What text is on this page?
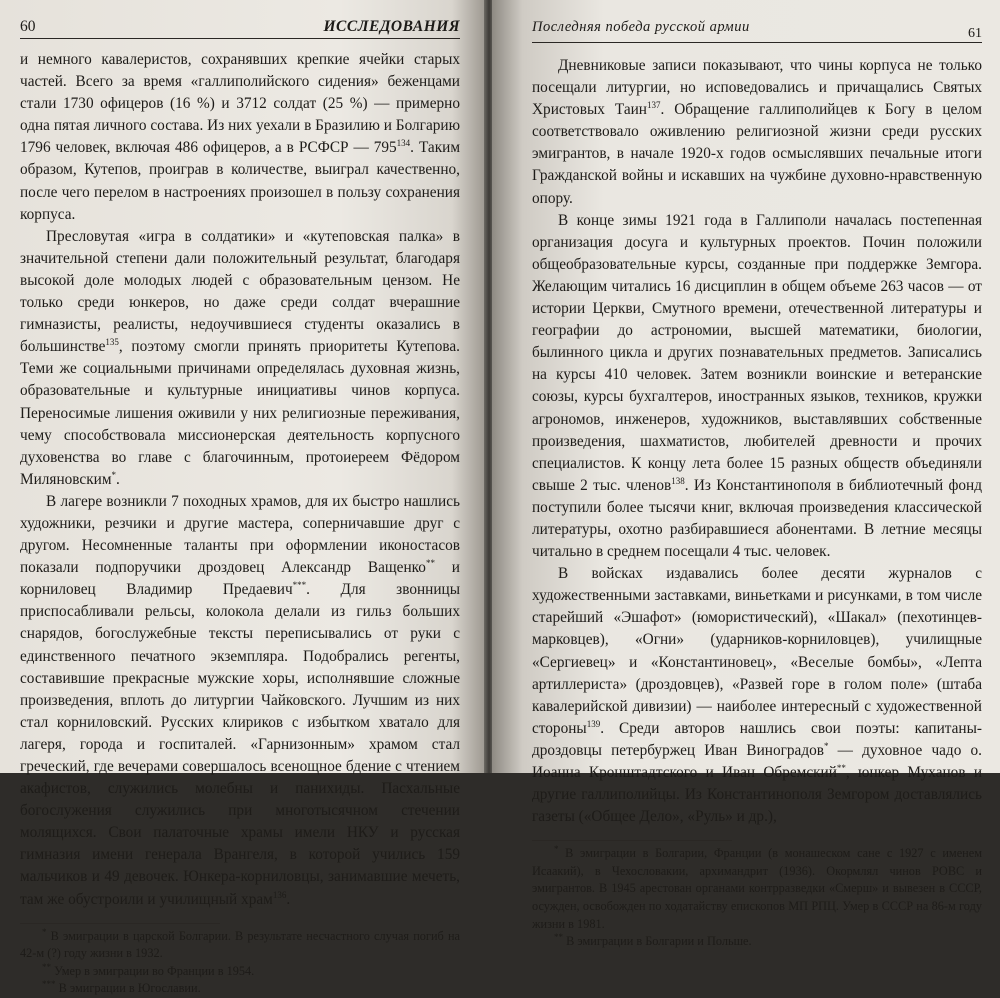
60	ИССЛЕДОВАНИЯ

и немного кавалеристов, сохранявших крепкие ячейки старых частей. Всего за время «галлиполийского сидения» беженцами стали 1730 офицеров (16 %) и 3712 солдат (25 %) — примерно одна пятая личного состава. Из них уехали в Бразилию и Болгарию 1796 человек, включая 486 офицеров, а в РСФСР — $795^{134}$. Таким образом, Кутепов, проиграв в количестве, выиграл качественно, после чего перелом в настроениях произошел в пользу сохранения корпуса.

Пресловутая «игра в солдатики» и «кутеповская палка» в значительной степени дали положительный результат, благодаря высокой доле молодых людей с образовательным цензом. Не только среди юнкеров, но даже среди солдат вчерашние гимназисты, реалисты, недоучившиеся студенты оказались в большинстве$^{135}$, поэтому смогли принять приоритеты Кутепова. Теми же социальными причинами определялась духовная жизнь, образовательные и культурные инициативы чинов корпуса. Переносимые лишения оживили у них религиозные переживания, чему способствовала миссионерская деятельность корпусного духовенства во главе с благочинным, протоиереем Фёдором Миляновским*.

В лагере возникли 7 походных храмов, для их быстро нашлись художники, резчики и другие мастера, соперничавшие друг с другом. Несомненные таланты при оформлении иконостасов показали подпоручики дроздовец Александр Ващенко** и корниловец Владимир Предаевич***. Для звонницы приспосабливали рельсы, колокола делали из гильз больших снарядов, богослужебные тексты переписывались от руки с единственного печатного экземпляра. Подобрались регенты, составившие прекрасные мужские хоры, исполнявшие сложные произведения, вплоть до литургии Чайковского. Лучшим из них стал корниловский. Русских клириков с избытком хватало для лагеря, города и госпиталей. «Гарнизонным» храмом стал греческий, где вечерами совершалось всенощное бдение с чтением акафистов, служились молебны и панихиды. Пасхальные богослужения служились при многотысячном стечении молящихся. Свои палаточные храмы имели НКУ и русская гимназия имени генерала Врангеля, в которой учились 159 мальчиков и 49 девочек. Юнкера-корниловцы, занимавшие мечеть, там же обустроили и училищный храм$^{136}$.

* В эмиграции в царской Болгарии. В результате несчастного случая погиб на 42-м (?) году жизни в 1932.

** Умер в эмиграции во Франции в 1954.

*** В эмиграции в Югославии.

Последняя победа русской армии	61

Дневниковые записи показывают, что чины корпуса не только посещали литургии, но исповедовались и причащались Святых Христовых Таин$^{137}$. Обращение галлиполийцев к Богу в целом соответствовало оживлению религиозной жизни среди русских эмигрантов, в начале 1920-х годов осмыслявших печальные итоги Гражданской войны и искавших на чужбине духовно-нравственную опору.

В конце зимы 1921 года в Галлиполи началась постепенная организация досуга и культурных проектов. Почин положили общеобразовательные курсы, созданные при поддержке Земгора. Желающим читались 16 дисциплин в общем объеме 263 часов — от истории Церкви, Смутного времени, отечественной литературы и географии до астрономии, высшей математики, биологии, былинного цикла и других познавательных предметов. Записались на курсы 410 человек. Затем возникли воинские и ветеранские союзы, курсы бухгалтеров, иностранных языков, техников, кружки агрономов, инженеров, художников, выставлявших собственные произведения, шахматистов, любителей древности и прочих специалистов. К концу лета более 15 разных обществ объединяли свыше 2 тыс. членов$^{138}$. Из Константинополя в библиотечный фонд поступили более тысячи книг, включая произведения классической литературы, охотно разбиравшиеся абонентами. В летние месяцы читально в среднем посещали 4 тыс. человек.

В войсках издавались более десяти журналов с художественными заставками, виньетками и рисунками, в том числе старейший «Эшафот» (юмористический), «Шакал» (пехотинцев-марковцев), «Огни» (ударников-корниловцев), училищные «Сергиевец» и «Константиновец», «Веселые бомбы», «Лепта артиллериста» (дроздовцев), «Развей горе в голом поле» (штаба кавалерийской дивизии) — наиболее интересный с художественной стороны$^{139}$. Среди авторов нашлись свои поэты: капитаны-дроздовцы петербуржец Иван Виноградов* — духовное чадо о. Иоанна Кронштадтского и Иван Обремский**, юнкер Муханов и другие галлиполийцы. Из Константинополя Земгором доставлялись газеты («Общее Дело», «Руль» и др.),

* В эмиграции в Болгарии, Франции (в монашеском сане с 1927 с именем Исаакий), в Чехословакии, архимандрит (1936). Окормлял чинов РОВС и эмигрантов. В 1945 арестован органами контрразведки «Смерш» и вывезен в СССР, осужден, освобожден по ходатайству епископов МП РПЦ. Умер в СССР на 86-м году жизни в 1981.

** В эмиграции в Болгарии и Польше.
